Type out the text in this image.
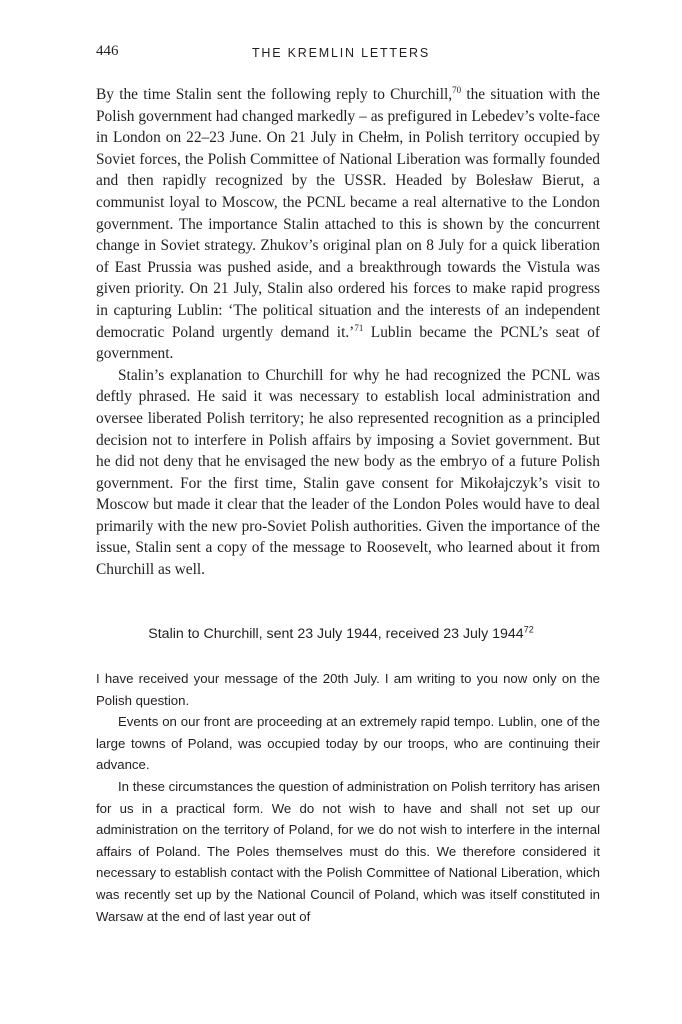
446	THE KREMLIN LETTERS

By the time Stalin sent the following reply to Churchill,$^{70}$ the situation with the Polish government had changed markedly – as prefigured in Lebedev’s volte-face in London on 22–23 June. On 21 July in Chełm, in Polish territory occupied by Soviet forces, the Polish Committee of National Liberation was formally founded and then rapidly recognized by the USSR. Headed by Bolesław Bierut, a communist loyal to Moscow, the PCNL became a real alternative to the London government. The importance Stalin attached to this is shown by the concurrent change in Soviet strategy. Zhukov’s original plan on 8 July for a quick liberation of East Prussia was pushed aside, and a breakthrough towards the Vistula was given priority. On 21 July, Stalin also ordered his forces to make rapid progress in capturing Lublin: ‘The political situation and the interests of an independent democratic Poland urgently demand it.’$^{71}$ Lublin became the PCNL’s seat of government.

Stalin’s explanation to Churchill for why he had recognized the PCNL was deftly phrased. He said it was necessary to establish local administration and oversee liberated Polish territory; he also represented recognition as a principled decision not to interfere in Polish affairs by imposing a Soviet government. But he did not deny that he envisaged the new body as the embryo of a future Polish government. For the first time, Stalin gave consent for Mikołajczyk’s visit to Moscow but made it clear that the leader of the London Poles would have to deal primarily with the new pro-Soviet Polish authorities. Given the importance of the issue, Stalin sent a copy of the message to Roosevelt, who learned about it from Churchill as well.

Stalin to Churchill, sent 23 July 1944, received 23 July 1944$^{72}$

I have received your message of the 20th July. I am writing to you now only on the Polish question.

Events on our front are proceeding at an extremely rapid tempo. Lublin, one of the large towns of Poland, was occupied today by our troops, who are continuing their advance.

In these circumstances the question of administration on Polish territory has arisen for us in a practical form. We do not wish to have and shall not set up our administration on the territory of Poland, for we do not wish to interfere in the internal affairs of Poland. The Poles themselves must do this. We therefore considered it necessary to establish contact with the Polish Committee of National Liberation, which was recently set up by the National Council of Poland, which was itself constituted in Warsaw at the end of last year out of
